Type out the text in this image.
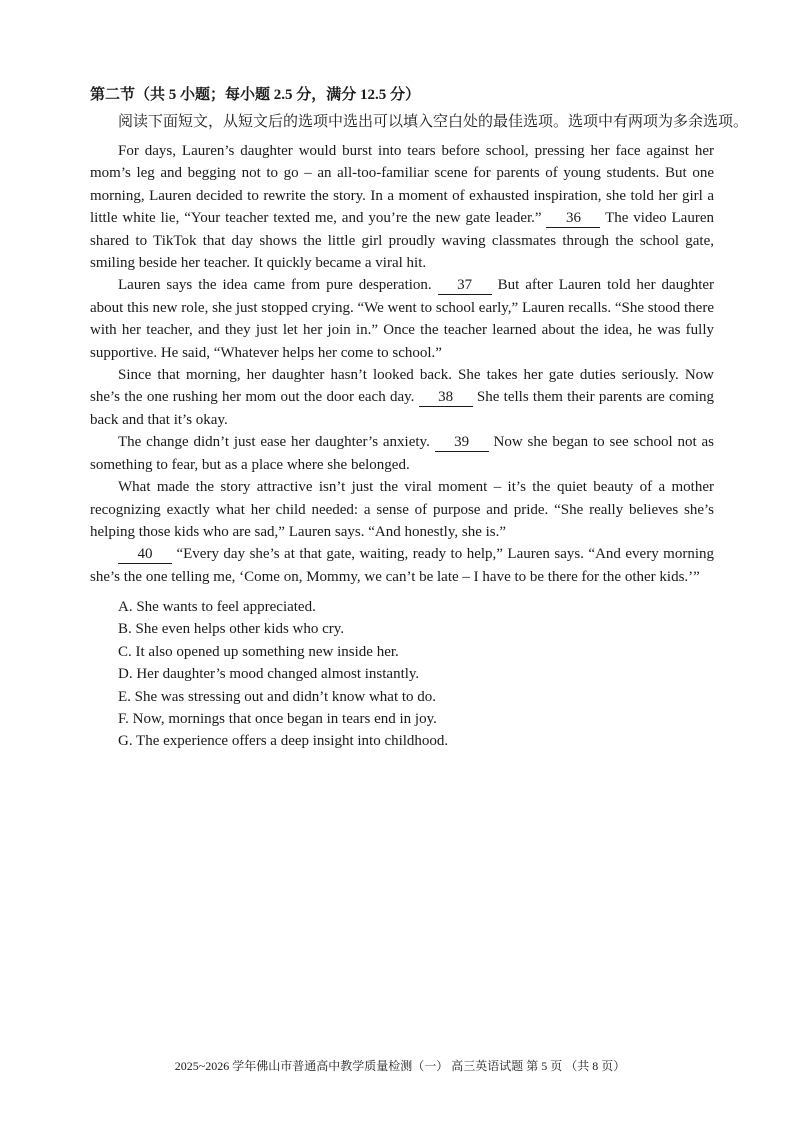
第二节（共 5 小题；每小题 2.5 分，满分 12.5 分）
阅读下面短文，从短文后的选项中选出可以填入空白处的最佳选项。选项中有两项为多余选项。

For days, Lauren’s daughter would burst into tears before school, pressing her face against her mom’s leg and begging not to go – an all-too-familiar scene for parents of young students. But one morning, Lauren decided to rewrite the story. In a moment of exhausted inspiration, she told her girl a little white lie, “Your teacher texted me, and you’re the new gate leader.” 36 The video Lauren shared to TikTok that day shows the little girl proudly waving classmates through the school gate, smiling beside her teacher. It quickly became a viral hit.

Lauren says the idea came from pure desperation. 37 But after Lauren told her daughter about this new role, she just stopped crying. “We went to school early,” Lauren recalls. “She stood there with her teacher, and they just let her join in.” Once the teacher learned about the idea, he was fully supportive. He said, “Whatever helps her come to school.”

Since that morning, her daughter hasn’t looked back. She takes her gate duties seriously. Now she’s the one rushing her mom out the door each day. 38 She tells them their parents are coming back and that it’s okay.

The change didn’t just ease her daughter’s anxiety. 39 Now she began to see school not as something to fear, but as a place where she belonged.

What made the story attractive isn’t just the viral moment – it’s the quiet beauty of a mother recognizing exactly what her child needed: a sense of purpose and pride. “She really believes she’s helping those kids who are sad,” Lauren says. “And honestly, she is.”

40 “Every day she’s at that gate, waiting, ready to help,” Lauren says. “And every morning she’s the one telling me, ‘Come on, Mommy, we can’t be late – I have to be there for the other kids.’”

A. She wants to feel appreciated.
B. She even helps other kids who cry.
C. It also opened up something new inside her.
D. Her daughter’s mood changed almost instantly.
E. She was stressing out and didn’t know what to do.
F. Now, mornings that once began in tears end in joy.
G. The experience offers a deep insight into childhood.
2025~2026 学年佛山市普通高中教学质量检测（一） 高三英语试题 第 5 页 （共 8 页）
